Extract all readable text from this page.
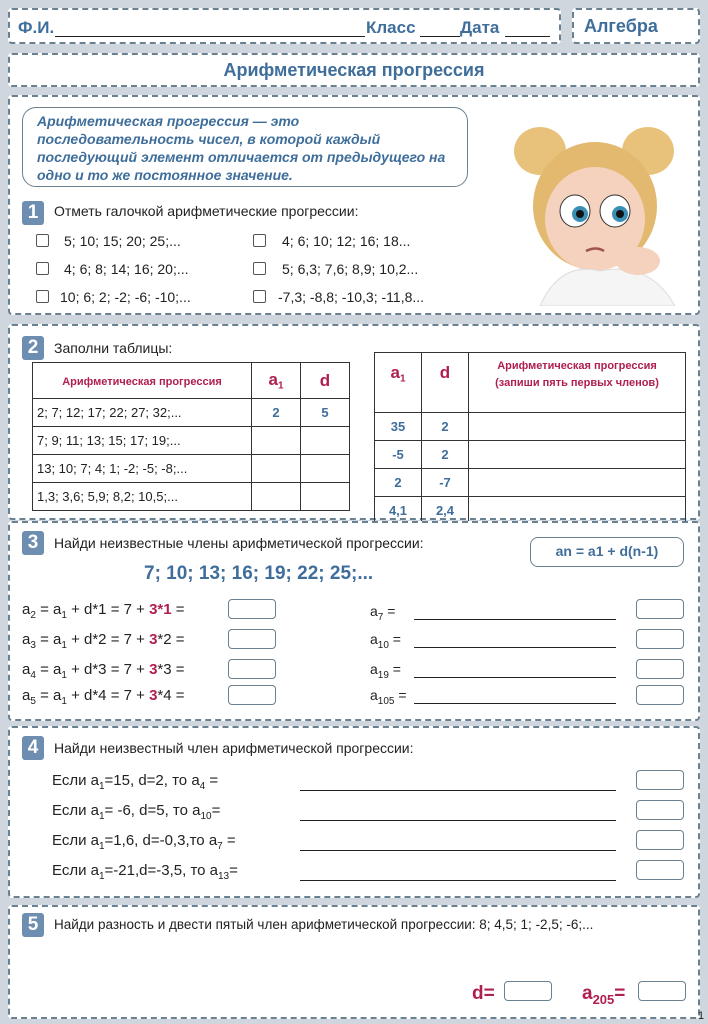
Ф.И.	Класс	Дата	Алгебра
Арифметическая прогрессия
Арифметическая прогрессия — это последовательность чисел, в которой каждый последующий элемент отличается от предыдущего на одно и то же постоянное значение.
1	Отметь галочкой арифметические прогрессии:
5; 10; 15; 20; 25;...
4; 6; 8; 14; 16; 20;...
10; 6; 2; -2; -6; -10;...
4; 6; 10; 12; 16; 18...
5; 6,3; 7,6; 8,9; 10,2...
-7,3; -8,8; -10,3; -11,8...
2	Заполни таблицы:
Арифметическая прогрессия	$a_1$	d
2; 7; 12; 17; 22; 27; 32;...	2	5
7; 9; 11; 13; 15; 17; 19;...		
13; 10; 7; 4; 1; -2; -5; -8;...		
1,3; 3,6; 5,9; 8,2; 10,5;...		
$a_1$	d	Арифметическая прогрессия (запиши пять первых членов)
35	2	
-5	2	
2	-7	
4,1	2,4	
3	Найди неизвестные члены арифметической прогрессии:	an = a1 + d(n-1)
7; 10; 13; 16; 19; 22; 25;...
$a_2 = a_1 + d*1 = 7 + 3*1$ =
$a_3 = a_1 + d*2 = 7 + 3*2$ =
$a_4 = a_1 + d*3 = 7 + 3*3$ =
$a_5 = a_1 + d*4 = 7 + 3*4$ =
$a_7$ =
$a_{10}$ =
$a_{19}$ =
$a_{105}$ =
4	Найди неизвестный член арифметической прогрессии:
Если $a_1=15$, d=2, то $a_4$ =
Если $a_1= -6$, d=5, то $a_{10}=$
Если $a_1=1,6$, d=-0,3,то $a_7$ =
Если $a_1=-21,d=-3,5$, то $a_{13}=$
5	Найди разность и двести пятый член арифметической прогрессии: 8; 4,5; 1; -2,5; -6;...
d=	$a_{205}=$
1
